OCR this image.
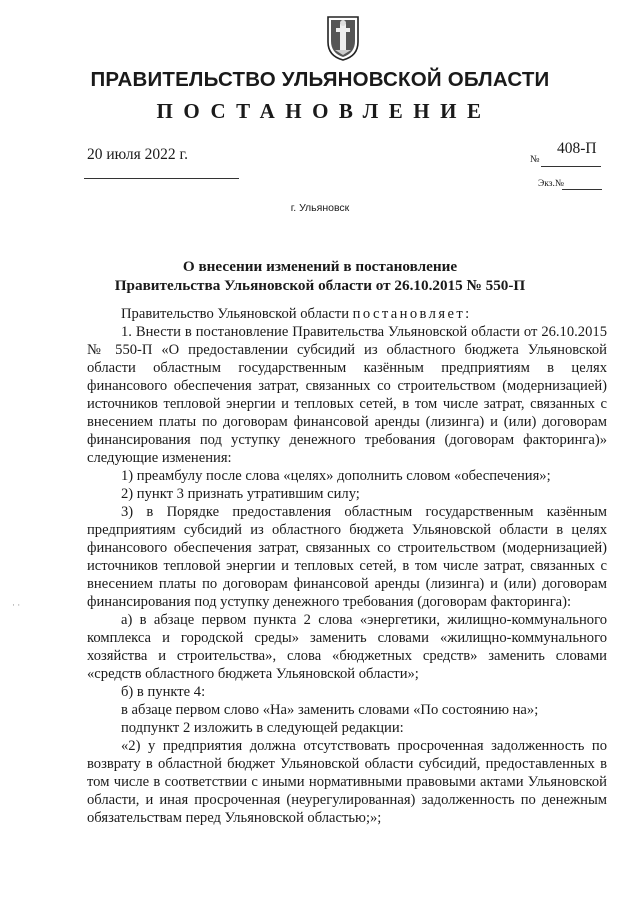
ПРАВИТЕЛЬСТВО УЛЬЯНОВСКОЙ ОБЛАСТИ
ПОСТАНОВЛЕНИЕ
20 июля 2022 г.	№
408-П
Экз.№
г. Ульяновск
О внесении изменений в постановление
Правительства Ульяновской области от 26.10.2015 № 550-П

Правительство Ульяновской области постановляет:

1. Внести в постановление Правительства Ульяновской области от 26.10.2015 № 550-П «О предоставлении субсидий из областного бюджета Ульяновской области областным государственным казённым предприятиям в целях финансового обеспечения затрат, связанных со строительством (модернизацией) источников тепловой энергии и тепловых сетей, в том числе затрат, связанных с внесением платы по договорам финансовой аренды (лизинга) и (или) договорам финансирования под уступку денежного требования (договорам факторинга)» следующие изменения:

1) преамбулу после слова «целях» дополнить словом «обеспечения»;

2) пункт 3 признать утратившим силу;

3) в Порядке предоставления областным государственным казённым предприятиям субсидий из областного бюджета Ульяновской области в целях финансового обеспечения затрат, связанных со строительством (модернизацией) источников тепловой энергии и тепловых сетей, в том числе затрат, связанных с внесением платы по договорам финансовой аренды (лизинга) и (или) договорам финансирования под уступку денежного требования (договорам факторинга):

а) в абзаце первом пункта 2 слова «энергетики, жилищно-коммунального комплекса и городской среды» заменить словами «жилищно-коммунального хозяйства и строительства», слова «бюджетных средств» заменить словами «средств областного бюджета Ульяновской области»;

б) в пункте 4:

в абзаце первом слово «На» заменить словами «По состоянию на»;

подпункт 2 изложить в следующей редакции:

«2) у предприятия должна отсутствовать просроченная задолженность по возврату в областной бюджет Ульяновской области субсидий, предоставленных в том числе в соответствии с иными нормативными правовыми актами Ульяновской области, и иная просроченная (неурегулированная) задолженность по денежным обязательствам перед Ульяновской областью;»;

· ·
